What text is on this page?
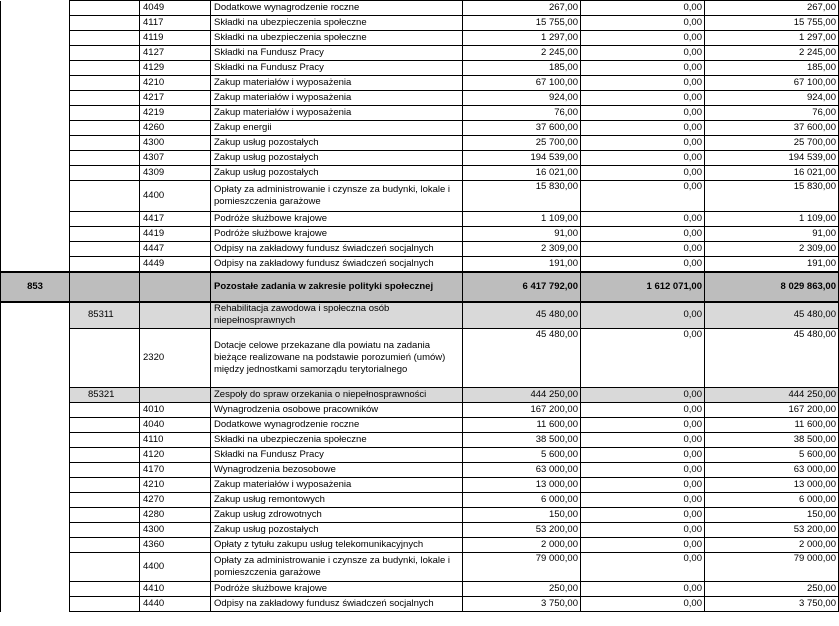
		4049	Dodatkowe wynagrodzenie roczne	267,00	0,00	267,00
		4117	Składki na ubezpieczenia społeczne	15 755,00	0,00	15 755,00
		4119	Składki na ubezpieczenia społeczne	1 297,00	0,00	1 297,00
		4127	Składki na Fundusz Pracy	2 245,00	0,00	2 245,00
		4129	Składki na Fundusz Pracy	185,00	0,00	185,00
		4210	Zakup materiałów i wyposażenia	67 100,00	0,00	67 100,00
		4217	Zakup materiałów i wyposażenia	924,00	0,00	924,00
		4219	Zakup materiałów i wyposażenia	76,00	0,00	76,00
		4260	Zakup energii	37 600,00	0,00	37 600,00
		4300	Zakup usług pozostałych	25 700,00	0,00	25 700,00
		4307	Zakup usług pozostałych	194 539,00	0,00	194 539,00
		4309	Zakup usług pozostałych	16 021,00	0,00	16 021,00
		4400	Opłaty za administrowanie i czynsze za budynki, lokale i pomieszczenia garażowe	15 830,00	0,00	15 830,00
		4417	Podróże służbowe krajowe	1 109,00	0,00	1 109,00
		4419	Podróże służbowe krajowe	91,00	0,00	91,00
		4447	Odpisy na zakładowy fundusz świadczeń socjalnych	2 309,00	0,00	2 309,00
		4449	Odpisy na zakładowy fundusz świadczeń socjalnych	191,00	0,00	191,00
853			Pozostałe zadania w zakresie polityki społecznej	6 417 792,00	1 612 071,00	8 029 863,00
	85311		Rehabilitacja zawodowa i społeczna osób niepełnosprawnych	45 480,00	0,00	45 480,00
		2320	Dotacje celowe przekazane dla powiatu na zadania bieżące realizowane na podstawie porozumień (umów) między jednostkami samorządu terytorialnego	45 480,00	0,00	45 480,00
	85321		Zespoły do spraw orzekania o niepełnosprawności	444 250,00	0,00	444 250,00
		4010	Wynagrodzenia osobowe pracowników	167 200,00	0,00	167 200,00
		4040	Dodatkowe wynagrodzenie roczne	11 600,00	0,00	11 600,00
		4110	Składki na ubezpieczenia społeczne	38 500,00	0,00	38 500,00
		4120	Składki na Fundusz Pracy	5 600,00	0,00	5 600,00
		4170	Wynagrodzenia bezosobowe	63 000,00	0,00	63 000,00
		4210	Zakup materiałów i wyposażenia	13 000,00	0,00	13 000,00
		4270	Zakup usług remontowych	6 000,00	0,00	6 000,00
		4280	Zakup usług zdrowotnych	150,00	0,00	150,00
		4300	Zakup usług pozostałych	53 200,00	0,00	53 200,00
		4360	Opłaty z tytułu zakupu usług telekomunikacyjnych	2 000,00	0,00	2 000,00
		4400	Opłaty za administrowanie i czynsze za budynki, lokale i pomieszczenia garażowe	79 000,00	0,00	79 000,00
		4410	Podróże służbowe krajowe	250,00	0,00	250,00
		4440	Odpisy na zakładowy fundusz świadczeń socjalnych	3 750,00	0,00	3 750,00
